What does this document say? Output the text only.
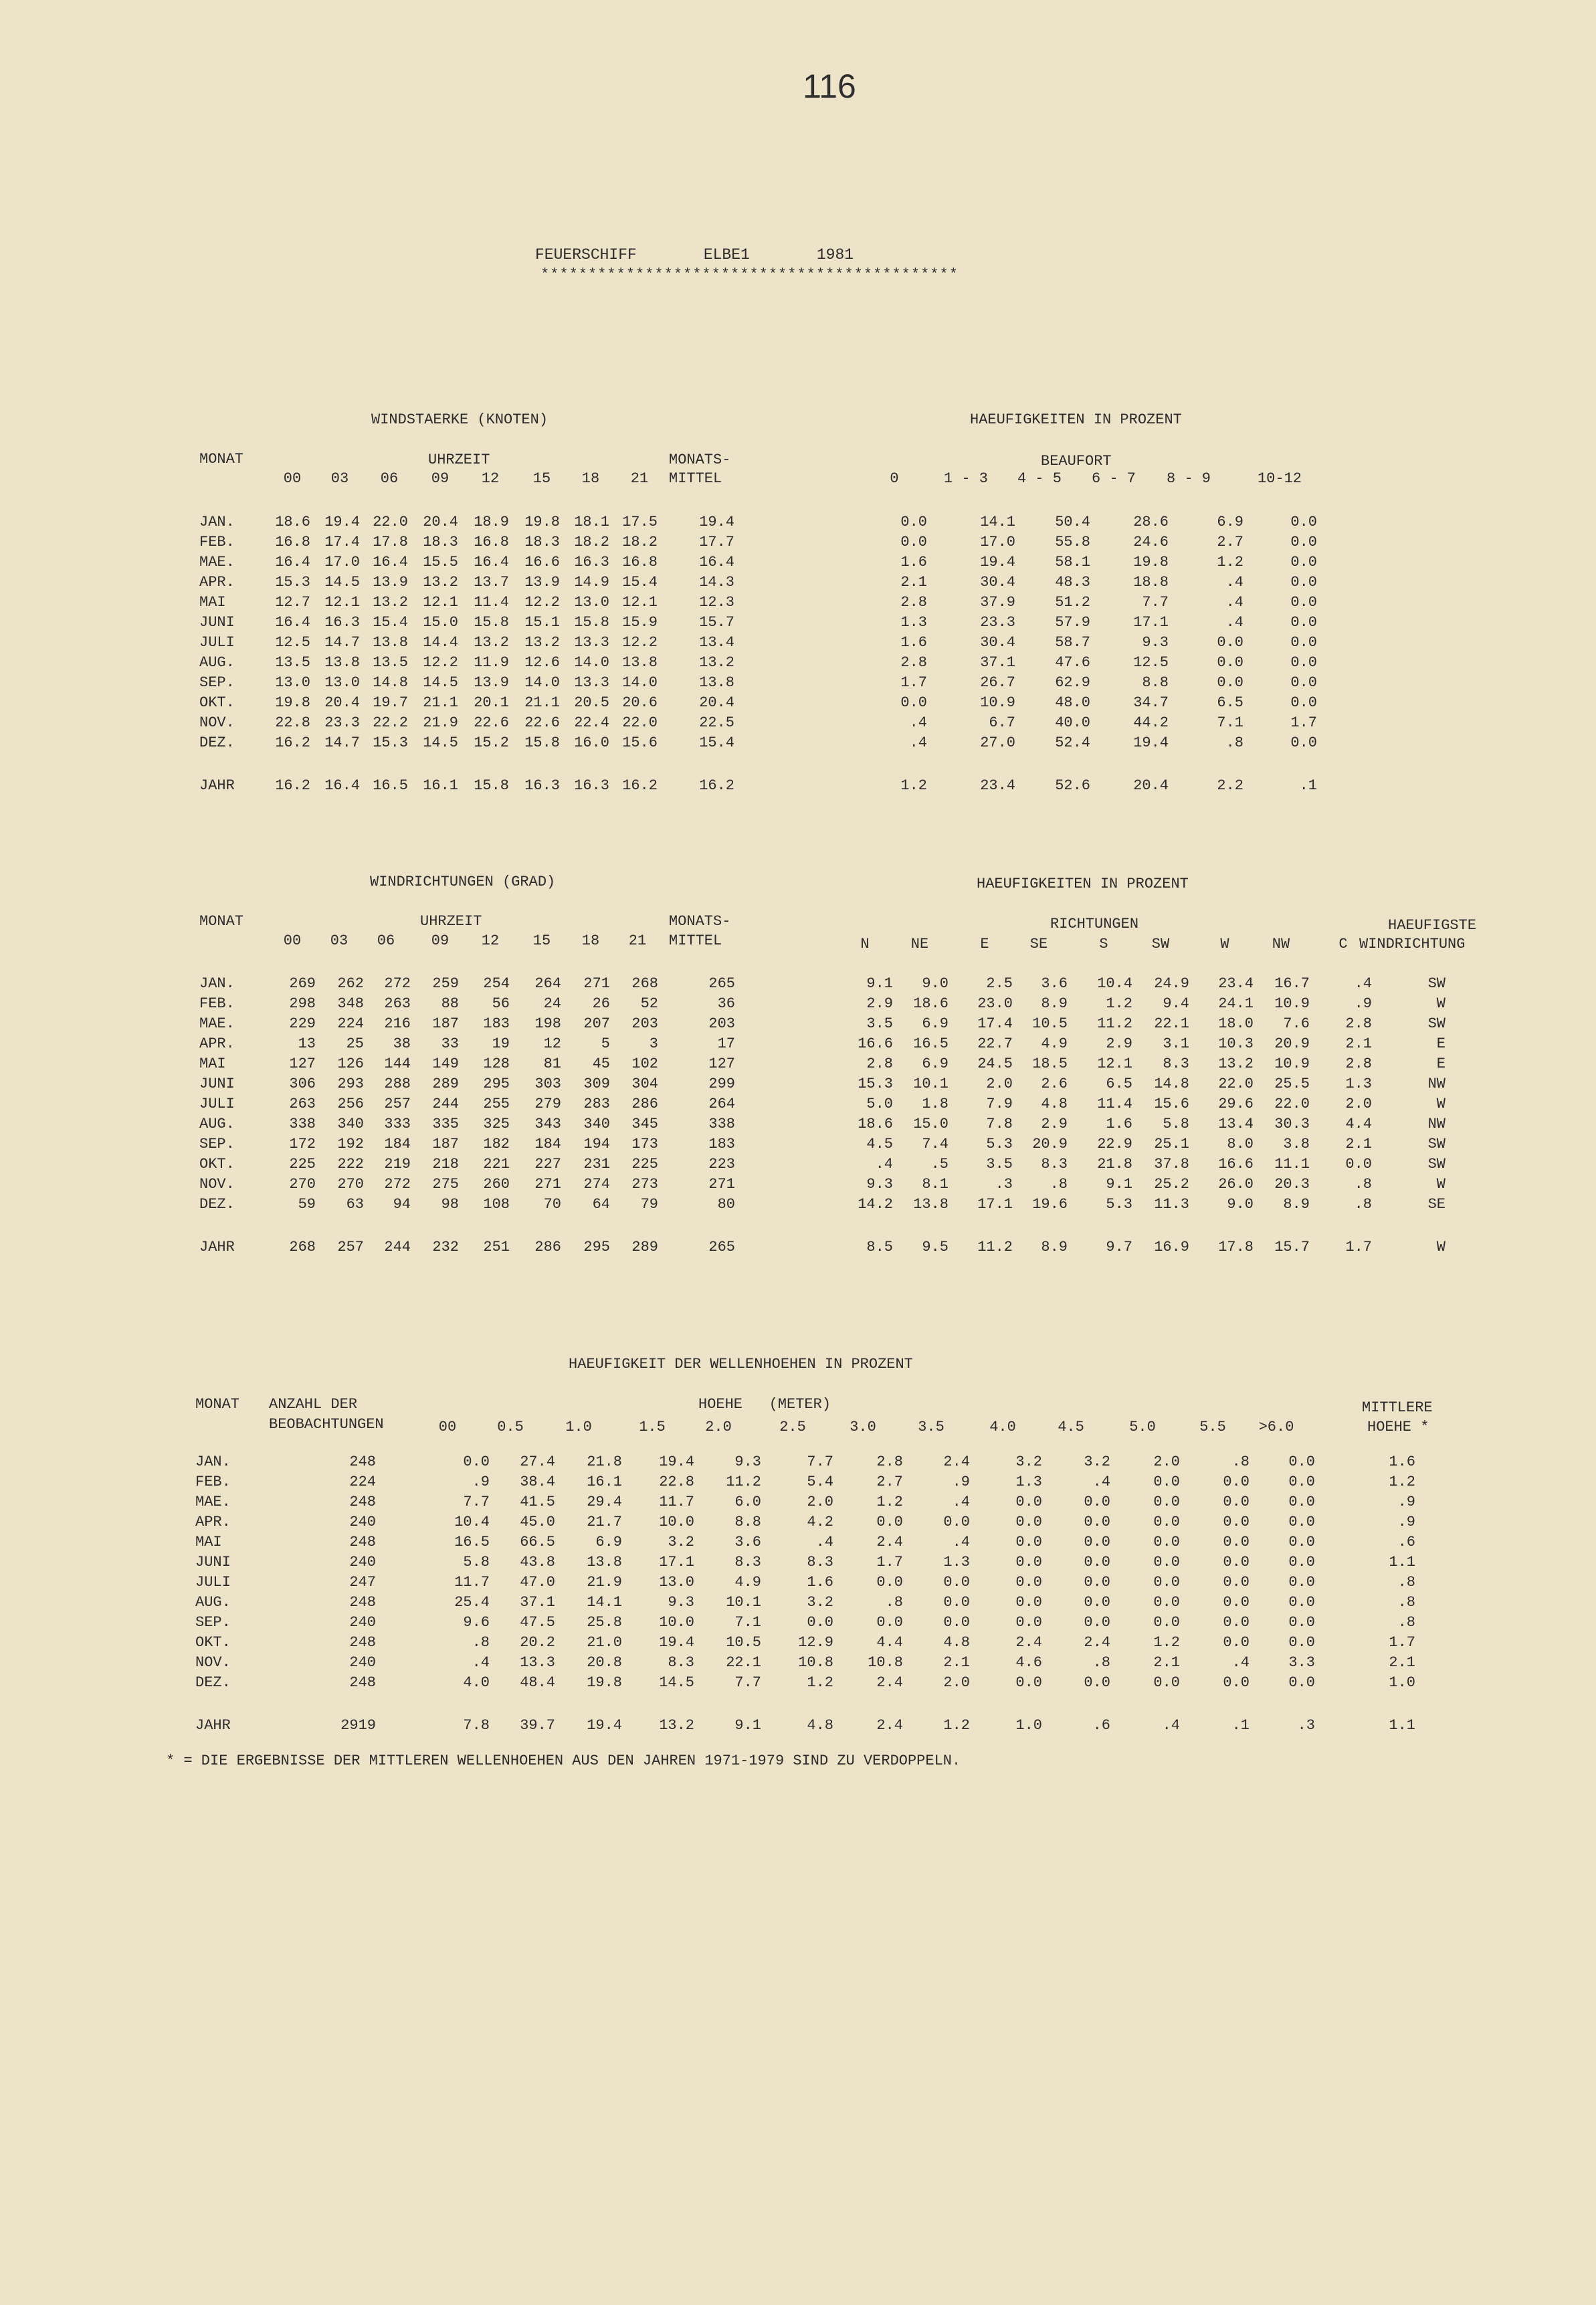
116
FEUERSCHIFF	ELBE1	1981
********************************************
WINDSTAERKE (KNOTEN)	HAEUFIGKEITEN IN PROZENT
MONAT	UHRZEIT	MONATS-
MITTEL
BEAUFORT
00	03	06	09	12	15	18	21	0	1 - 3	4 - 5	6 - 7	8 - 9	10-12
JAN.	18.6	19.4	22.0	20.4	18.9	19.8	18.1	17.5	19.4	0.0	14.1	50.4	28.6	6.9	0.0
FEB.	16.8	17.4	17.8	18.3	16.8	18.3	18.2	18.2	17.7	0.0	17.0	55.8	24.6	2.7	0.0
MAE.	16.4	17.0	16.4	15.5	16.4	16.6	16.3	16.8	16.4	1.6	19.4	58.1	19.8	1.2	0.0
APR.	15.3	14.5	13.9	13.2	13.7	13.9	14.9	15.4	14.3	2.1	30.4	48.3	18.8	.4	0.0
MAI	12.7	12.1	13.2	12.1	11.4	12.2	13.0	12.1	12.3	2.8	37.9	51.2	7.7	.4	0.0
JUNI	16.4	16.3	15.4	15.0	15.8	15.1	15.8	15.9	15.7	1.3	23.3	57.9	17.1	.4	0.0
JULI	12.5	14.7	13.8	14.4	13.2	13.2	13.3	12.2	13.4	1.6	30.4	58.7	9.3	0.0	0.0
AUG.	13.5	13.8	13.5	12.2	11.9	12.6	14.0	13.8	13.2	2.8	37.1	47.6	12.5	0.0	0.0
SEP.	13.0	13.0	14.8	14.5	13.9	14.0	13.3	14.0	13.8	1.7	26.7	62.9	8.8	0.0	0.0
OKT.	19.8	20.4	19.7	21.1	20.1	21.1	20.5	20.6	20.4	0.0	10.9	48.0	34.7	6.5	0.0
NOV.	22.8	23.3	22.2	21.9	22.6	22.6	22.4	22.0	22.5	.4	6.7	40.0	44.2	7.1	1.7
DEZ.	16.2	14.7	15.3	14.5	15.2	15.8	16.0	15.6	15.4	.4	27.0	52.4	19.4	.8	0.0
JAHR	16.2	16.4	16.5	16.1	15.8	16.3	16.3	16.2	16.2	1.2	23.4	52.6	20.4	2.2	.1
WINDRICHTUNGEN (GRAD)	HAEUFIGKEITEN IN PROZENT
MONAT	UHRZEIT	MONATS-
MITTEL
RICHTUNGEN	HAEUFIGSTE
WINDRICHTUNG
00	03	06	09	12	15	18	21	N	NE	E	SE	S	SW	W	NW	C
JAN.	269	262	272	259	254	264	271	268	265	9.1	9.0	2.5	3.6	10.4	24.9	23.4	16.7	.4	SW
FEB.	298	348	263	88	56	24	26	52	36	2.9	18.6	23.0	8.9	1.2	9.4	24.1	10.9	.9	W
MAE.	229	224	216	187	183	198	207	203	203	3.5	6.9	17.4	10.5	11.2	22.1	18.0	7.6	2.8	SW
APR.	13	25	38	33	19	12	5	3	17	16.6	16.5	22.7	4.9	2.9	3.1	10.3	20.9	2.1	E
MAI	127	126	144	149	128	81	45	102	127	2.8	6.9	24.5	18.5	12.1	8.3	13.2	10.9	2.8	E
JUNI	306	293	288	289	295	303	309	304	299	15.3	10.1	2.0	2.6	6.5	14.8	22.0	25.5	1.3	NW
JULI	263	256	257	244	255	279	283	286	264	5.0	1.8	7.9	4.8	11.4	15.6	29.6	22.0	2.0	W
AUG.	338	340	333	335	325	343	340	345	338	18.6	15.0	7.8	2.9	1.6	5.8	13.4	30.3	4.4	NW
SEP.	172	192	184	187	182	184	194	173	183	4.5	7.4	5.3	20.9	22.9	25.1	8.0	3.8	2.1	SW
OKT.	225	222	219	218	221	227	231	225	223	.4	.5	3.5	8.3	21.8	37.8	16.6	11.1	0.0	SW
NOV.	270	270	272	275	260	271	274	273	271	9.3	8.1	.3	.8	9.1	25.2	26.0	20.3	.8	W
DEZ.	59	63	94	98	108	70	64	79	80	14.2	13.8	17.1	19.6	5.3	11.3	9.0	8.9	.8	SE
JAHR	268	257	244	232	251	286	295	289	265	8.5	9.5	11.2	8.9	9.7	16.9	17.8	15.7	1.7	W
HAEUFIGKEIT DER WELLENHOEHEN IN PROZENT
MONAT ANZAHL DER
BEOBACHTUNGEN
HOEHE   (METER)	MITTLERE
HOEHE *
00	0.5	1.0	1.5	2.0	2.5	3.0	3.5	4.0	4.5	5.0	5.5	>6.0
JAN.	248	0.0	27.4	21.8	19.4	9.3	7.7	2.8	2.4	3.2	3.2	2.0	.8	0.0	1.6
FEB.	224	.9	38.4	16.1	22.8	11.2	5.4	2.7	.9	1.3	.4	0.0	0.0	0.0	1.2
MAE.	248	7.7	41.5	29.4	11.7	6.0	2.0	1.2	.4	0.0	0.0	0.0	0.0	0.0	.9
APR.	240	10.4	45.0	21.7	10.0	8.8	4.2	0.0	0.0	0.0	0.0	0.0	0.0	0.0	.9
MAI	248	16.5	66.5	6.9	3.2	3.6	.4	2.4	.4	0.0	0.0	0.0	0.0	0.0	.6
JUNI	240	5.8	43.8	13.8	17.1	8.3	8.3	1.7	1.3	0.0	0.0	0.0	0.0	0.0	1.1
JULI	247	11.7	47.0	21.9	13.0	4.9	1.6	0.0	0.0	0.0	0.0	0.0	0.0	0.0	.8
AUG.	248	25.4	37.1	14.1	9.3	10.1	3.2	.8	0.0	0.0	0.0	0.0	0.0	0.0	.8
SEP.	240	9.6	47.5	25.8	10.0	7.1	0.0	0.0	0.0	0.0	0.0	0.0	0.0	0.0	.8
OKT.	248	.8	20.2	21.0	19.4	10.5	12.9	4.4	4.8	2.4	2.4	1.2	0.0	0.0	1.7
NOV.	240	.4	13.3	20.8	8.3	22.1	10.8	10.8	2.1	4.6	.8	2.1	.4	3.3	2.1
DEZ.	248	4.0	48.4	19.8	14.5	7.7	1.2	2.4	2.0	0.0	0.0	0.0	0.0	0.0	1.0
JAHR	2919	7.8	39.7	19.4	13.2	9.1	4.8	2.4	1.2	1.0	.6	.4	.1	.3	1.1
* = DIE ERGEBNISSE DER MITTLEREN WELLENHOEHEN AUS DEN JAHREN 1971-1979 SIND ZU VERDOPPELN.
